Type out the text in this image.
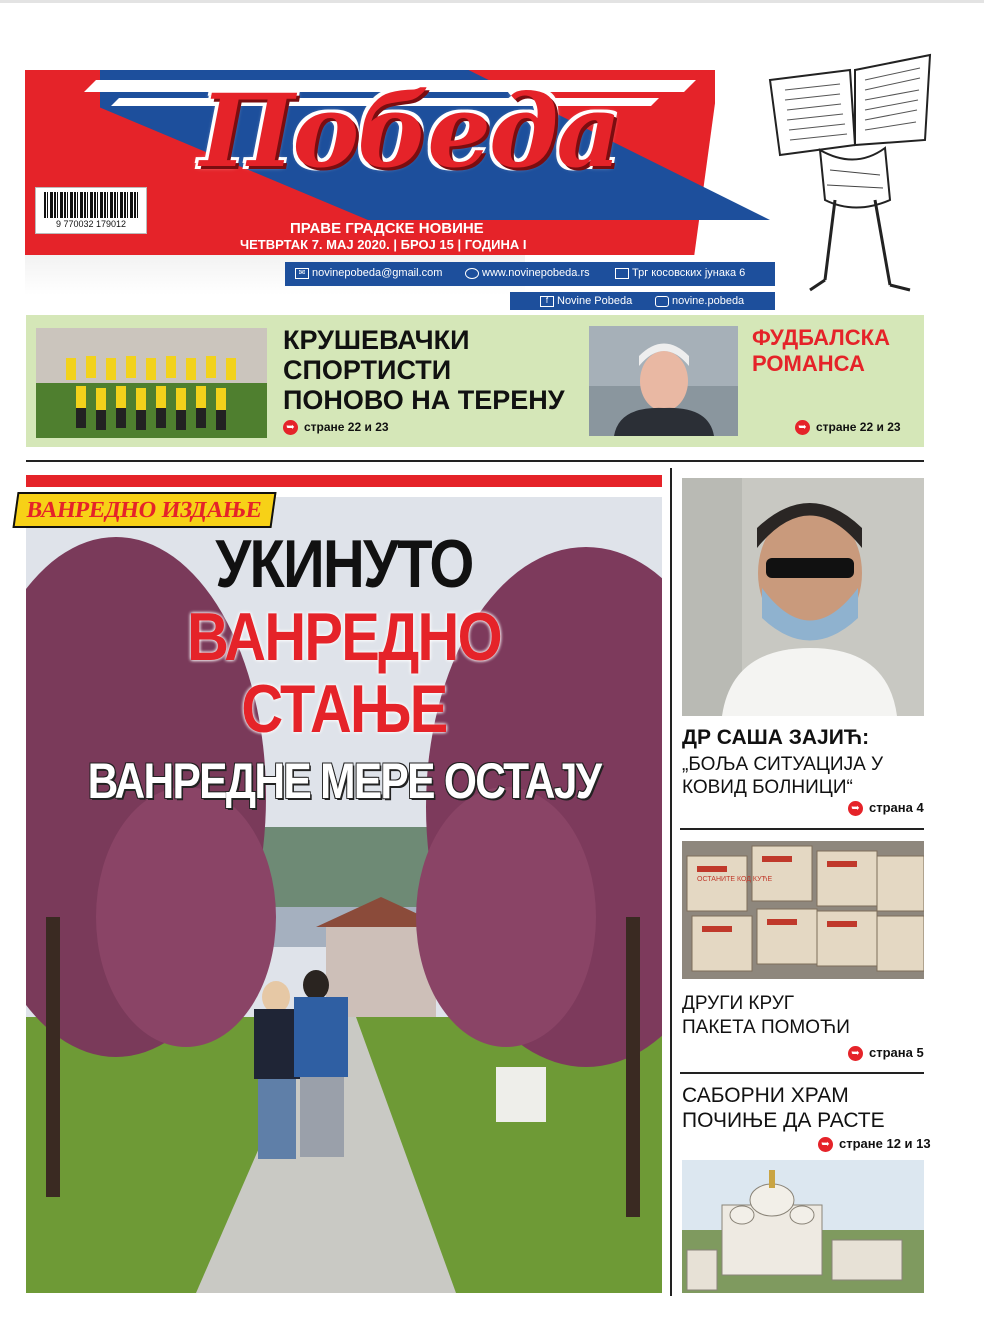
Победа
9 770032 179012	ПРАВЕ ГРАДСКЕ НОВИНЕ
ЧЕТВРТАК 7. МАЈ 2020. | БРОЈ 15 | ГОДИНА I
✉ novinepobeda@gmail.com	www.novinepobeda.rs	Трг косовских јунака 6
f Novine Pobeda	novine.pobeda
КРУШЕВАЧКИ
СПОРТИСТИ
ПОНОВО НА ТЕРЕНУ
➥ стране 22 и 23
ФУДБАЛСКА
РОМАНСА
➥ стране 22 и 23
ВАНРЕДНО ИЗДАЊЕ
УКИНУТО
ВАНРЕДНО
СТАЊЕ
ВАНРЕДНЕ МЕРЕ ОСТАЈУ
ДР САША ЗАЈИЋ:
„БОЉА СИТУАЦИЈА У
КОВИД БОЛНИЦИ“
➥ страна 4
ОСТАНИТЕ КОД КУЋЕ
ДРУГИ КРУГ
ПАКЕТА ПОМОЋИ
➥ страна 5
САБОРНИ ХРАМ
ПОЧИЊЕ ДА РАСТЕ
➥ стране 12 и 13
